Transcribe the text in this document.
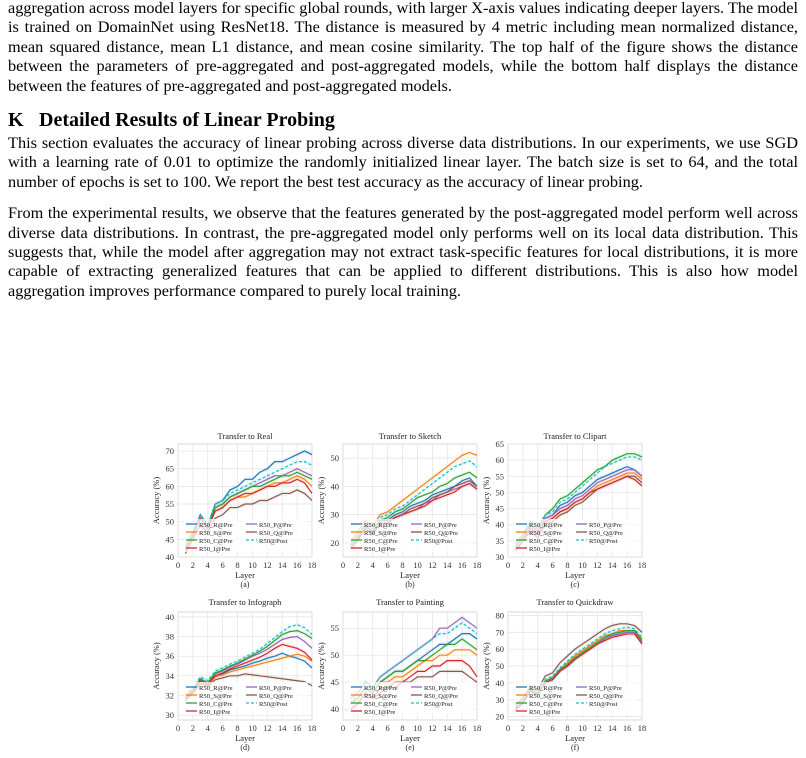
aggregation across model layers for specific global rounds, with larger X-axis values indicating deeper layers. The model is trained on DomainNet using ResNet18. The distance is measured by 4 metric including mean normalized distance, mean squared distance, mean L1 distance, and mean cosine similarity. The top half of the figure shows the distance between the parameters of pre-aggregated and post-aggregated models, while the bottom half displays the distance between the features of pre-aggregated and post-aggregated models.

K Detailed Results of Linear Probing

This section evaluates the accuracy of linear probing across diverse data distributions. In our experiments, we use SGD with a learning rate of 0.01 to optimize the randomly initialized linear layer. The batch size is set to 64, and the total number of epochs is set to 100. We report the best test accuracy as the accuracy of linear probing.

From the experimental results, we observe that the features generated by the post-aggregated model perform well across diverse data distributions. In contrast, the pre-aggregated model only performs well on its local data distribution. This suggests that, while the model after aggregation may not extract task-specific features for local distributions, it is more capable of extracting generalized features that can be applied to different distributions. This is also how model aggregation improves performance compared to purely local training.

0 2 4 6 8 10 12 14 16 18
40
45
50
55
60
65
70
Transfer to Real
Layer
(a)
Accuracy (%)
R50_R@Pre	R50_P@Pre
R50_S@Pre	R50_Q@Pre
R50_C@Pre	R50@Post
R50_I@Pre
0 2 4 6 8 10 12 14 16 18
20
30
40
50
Transfer to Sketch
Layer
(b)
Accuracy (%)
R50_R@Pre	R50_P@Pre
R50_S@Pre	R50_Q@Pre
R50_C@Pre	R50@Post
R50_I@Pre
0 2 4 6 8 10 12 14 16 18
30
35
40
45
50
55
60
65
Transfer to Clipart
Layer
(c)
Accuracy (%)
R50_R@Pre	R50_P@Pre
R50_S@Pre	R50_Q@Pre
R50_C@Pre	R50@Post
R50_I@Pre
0 2 4 6 8 10 12 14 16 18
30
32
34
36
38
40
Transfer to Infograph
Layer
(d)
Accuracy (%)	R50_R@Pre	R50_P@Pre
R50_S@Pre	R50_Q@Pre
R50_C@Pre	R50@Post
R50_I@Pre
0 2 4 6 8 10 12 14 16 18
40
45
50
55
Transfer to Painting
Layer
(e)
Accuracy (%)	R50_R@Pre	R50_P@Pre
R50_S@Pre	R50_Q@Pre
R50_C@Pre	R50@Post
R50_I@Pre
0 2 4 6 8 10 12 14 16 18
20
30
40
50
60
70
80
Transfer to Quickdraw
Layer
(f)
Accuracy (%)	R50_R@Pre	R50_P@Pre
R50_S@Pre	R50_Q@Pre
R50_C@Pre	R50@Post
R50_I@Pre
